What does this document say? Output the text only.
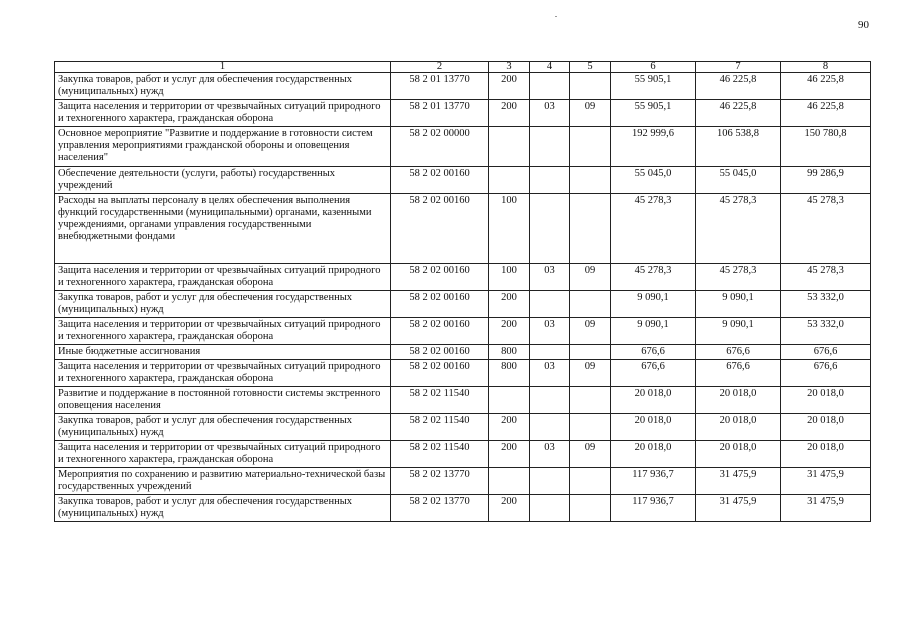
90
1	2	3	4	5	6	7	8
Закупка товаров, работ и услуг для обеспечения государственных (муниципальных) нужд	58 2 01 13770	200			55 905,1	46 225,8	46 225,8
Защита населения и территории от чрезвычайных ситуаций природного и техногенного характера, гражданская оборона	58 2 01 13770	200	03	09	55 905,1	46 225,8	46 225,8
Основное мероприятие "Развитие и поддержание в готовности систем управления мероприятиями гражданской обороны и оповещения населения"	58 2 02 00000				192 999,6	106 538,8	150 780,8
Обеспечение деятельности (услуги, работы) государственных учреждений	58 2 02 00160				55 045,0	55 045,0	99 286,9
Расходы на выплаты персоналу в целях обеспечения выполнения функций государственными (муниципальными) органами, казенными учреждениями, органами управления государственными внебюджетными фондами	58 2 02 00160	100			45 278,3	45 278,3	45 278,3
Защита населения и территории от чрезвычайных ситуаций природного и техногенного характера, гражданская оборона	58 2 02 00160	100	03	09	45 278,3	45 278,3	45 278,3
Закупка товаров, работ и услуг для обеспечения государственных (муниципальных) нужд	58 2 02 00160	200			9 090,1	9 090,1	53 332,0
Защита населения и территории от чрезвычайных ситуаций природного и техногенного характера, гражданская оборона	58 2 02 00160	200	03	09	9 090,1	9 090,1	53 332,0
Иные бюджетные ассигнования	58 2 02 00160	800			676,6	676,6	676,6
Защита населения и территории от чрезвычайных ситуаций природного и техногенного характера, гражданская оборона	58 2 02 00160	800	03	09	676,6	676,6	676,6
Развитие и поддержание в постоянной готовности системы экстренного оповещения населения	58 2 02 11540				20 018,0	20 018,0	20 018,0
Закупка товаров, работ и услуг для обеспечения государственных (муниципальных) нужд	58 2 02 11540	200			20 018,0	20 018,0	20 018,0
Защита населения и территории от чрезвычайных ситуаций природного и техногенного характера, гражданская оборона	58 2 02 11540	200	03	09	20 018,0	20 018,0	20 018,0
Мероприятия по сохранению и развитию материально-технической базы государственных учреждений	58 2 02 13770				117 936,7	31 475,9	31 475,9
Закупка товаров, работ и услуг для обеспечения государственных (муниципальных) нужд	58 2 02 13770	200			117 936,7	31 475,9	31 475,9
